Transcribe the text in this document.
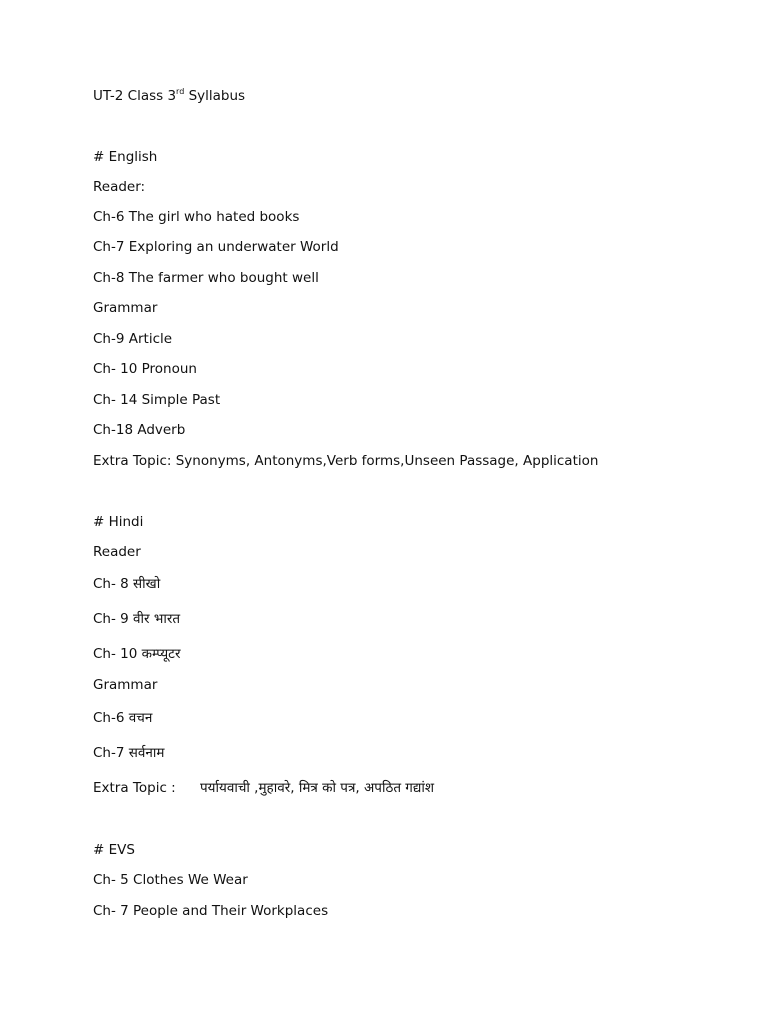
UT-2 Class 3rd Syllabus
# English
Reader:
Ch-6 The girl who hated books
Ch-7 Exploring an underwater World
Ch-8 The farmer who bought well
Grammar
Ch-9 Article
Ch- 10 Pronoun
Ch- 14 Simple Past
Ch-18 Adverb
Extra Topic: Synonyms, Antonyms,Verb forms,Unseen Passage, Application
# Hindi
Reader
Ch- 8 सीखो
Ch- 9 वीर भारत
Ch- 10 कम्प्यूटर
Grammar
Ch-6 वचन
Ch-7 सर्वनाम
Extra Topic : पर्यायवाची ,मुहावरे, मित्र को पत्र, अपठित गद्यांश
# EVS
Ch- 5 Clothes We Wear
Ch- 7 People and Their Workplaces
